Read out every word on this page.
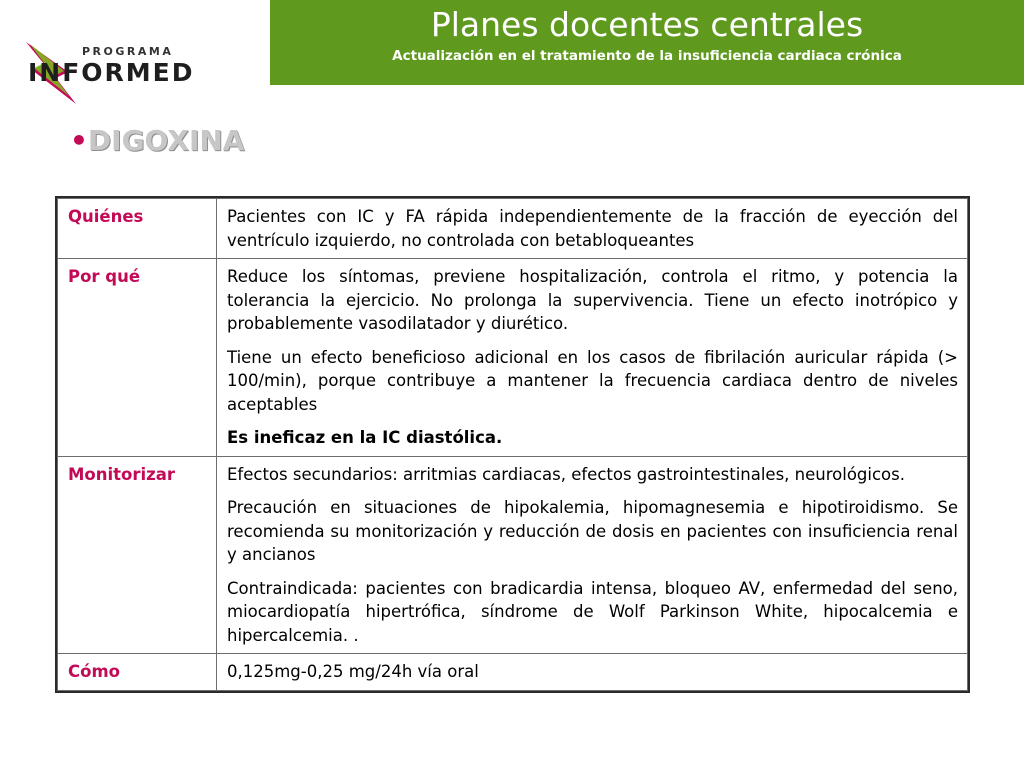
PROGRAMA
INFORMED
Planes docentes centrales
Actualización en el tratamiento de la insuficiencia cardiaca crónica
•DIGOXINA
Quiénes	Pacientes con IC y FA rápida independientemente de la fracción de eyección del ventrículo izquierdo, no controlada con betabloqueantes

Por qué	Reduce los síntomas, previene hospitalización, controla el ritmo, y potencia la tolerancia la ejercicio. No prolonga la supervivencia. Tiene un efecto inotrópico y probablemente vasodilatador y diurético.

Tiene un efecto beneficioso adicional en los casos de fibrilación auricular rápida (> 100/min), porque contribuye a mantener la frecuencia cardiaca dentro de niveles aceptables

Es ineficaz en la IC diastólica.

Monitorizar	Efectos secundarios: arritmias cardiacas, efectos gastrointestinales, neurológicos.

Precaución en situaciones de hipokalemia, hipomagnesemia e hipotiroidismo. Se recomienda su monitorización y reducción de dosis en pacientes con insuficiencia renal y ancianos

Contraindicada: pacientes con bradicardia intensa, bloqueo AV, enfermedad del seno, miocardiopatía hipertrófica, síndrome de Wolf Parkinson White, hipocalcemia e hipercalcemia. .

Cómo	0,125mg-0,25 mg/24h vía oral
